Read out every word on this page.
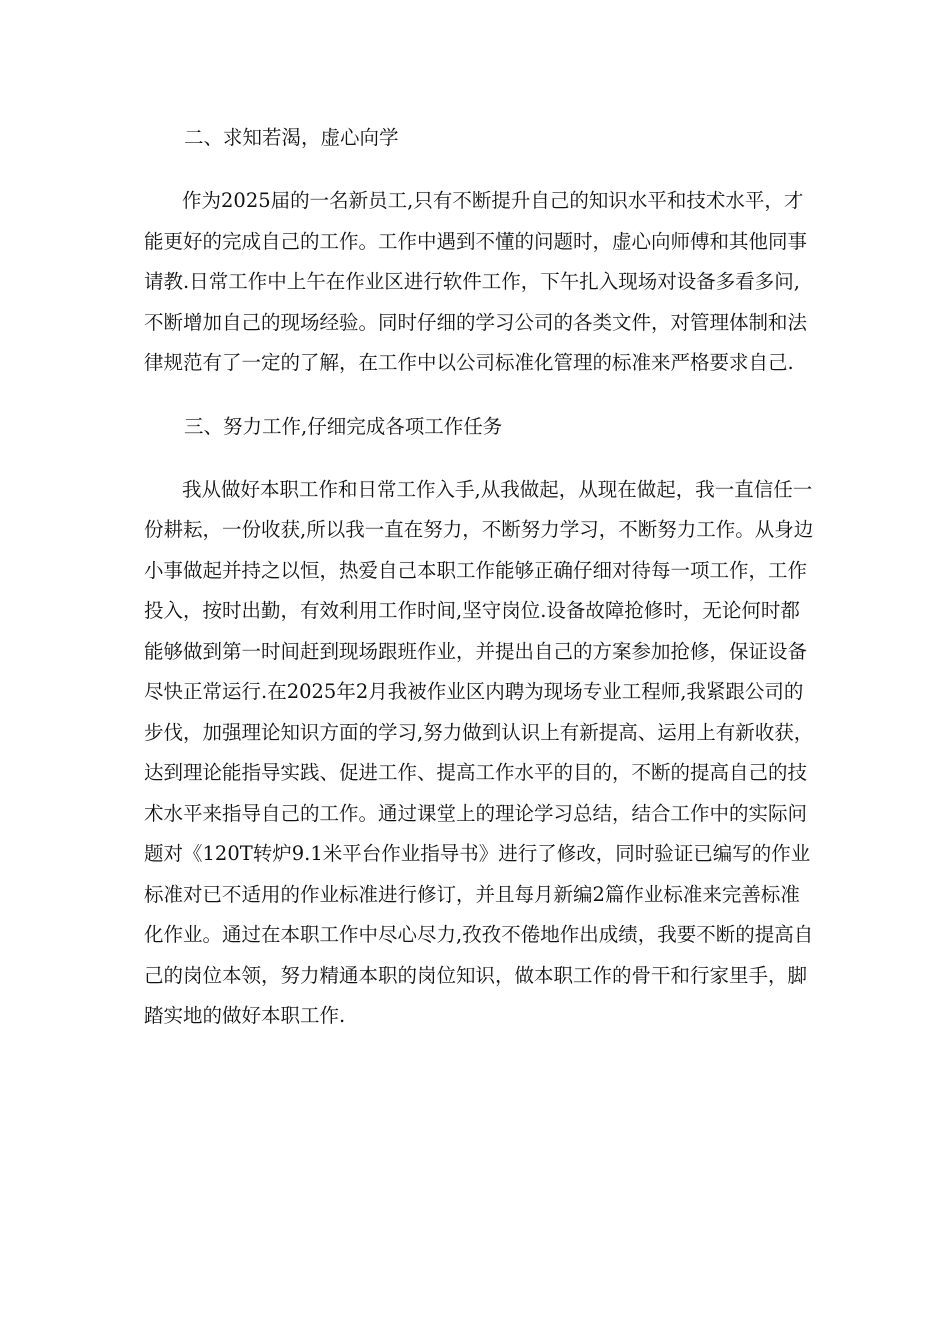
二、求知若渴，虚心向学

作为2025届的一名新员工,只有不断提升自己的知识水平和技术水平，才

能更好的完成自己的工作。工作中遇到不懂的问题时，虚心向师傅和其他同事

请教.日常工作中上午在作业区进行软件工作，下午扎入现场对设备多看多问,

不断增加自己的现场经验。同时仔细的学习公司的各类文件，对管理体制和法

律规范有了一定的了解，在工作中以公司标准化管理的标准来严格要求自己.

三、努力工作,仔细完成各项工作任务

我从做好本职工作和日常工作入手,从我做起，从现在做起，我一直信任一

份耕耘，一份收获,所以我一直在努力，不断努力学习，不断努力工作。从身边

小事做起并持之以恒，热爱自己本职工作能够正确仔细对待每一项工作，工作

投入，按时出勤，有效利用工作时间,坚守岗位.设备故障抢修时，无论何时都

能够做到第一时间赶到现场跟班作业，并提出自己的方案参加抢修，保证设备

尽快正常运行.在2025年2月我被作业区内聘为现场专业工程师,我紧跟公司的

步伐，加强理论知识方面的学习,努力做到认识上有新提高、运用上有新收获，

达到理论能指导实践、促进工作、提高工作水平的目的，不断的提高自己的技

术水平来指导自己的工作。通过课堂上的理论学习总结，结合工作中的实际问

题对《120T转炉9.1米平台作业指导书》进行了修改，同时验证已编写的作业

标准对已不适用的作业标准进行修订，并且每月新编2篇作业标准来完善标准

化作业。通过在本职工作中尽心尽力,孜孜不倦地作出成绩，我要不断的提高自

己的岗位本领，努力精通本职的岗位知识，做本职工作的骨干和行家里手，脚

踏实地的做好本职工作.
